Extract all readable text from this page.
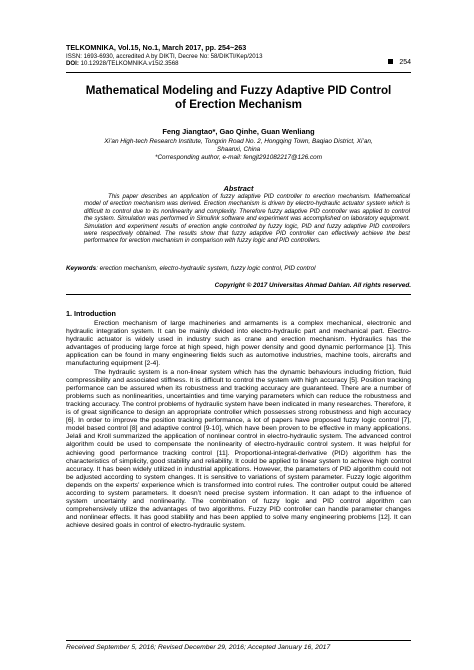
TELKOMNIKA, Vol.15, No.1, March 2017, pp. 254~263
ISSN: 1693-6930, accredited A by DIKTI, Decree No: 58/DIKTI/Kep/2013
DOI: 10.12928/TELKOMNIKA.v15i2.3568	254
Mathematical Modeling and Fuzzy Adaptive PID Control
of Erection Mechanism
Feng Jiangtao*, Gao Qinhe, Guan Wenliang
Xi’an High-tech Research Institute, Tongxin Road No. 2, Hongqing Town, Baqiao District, Xi’an,
Shaanxi, China
*Corresponding author, e-mail: fengjt291082217@126.com
Abstract
This paper describes an application of fuzzy adaptive PID controller to erection mechanism. Mathematical model of erection mechanism was derived. Erection mechanism is driven by electro-hydraulic actuator system which is difficult to control due to its nonlinearity and complexity. Therefore fuzzy adaptive PID controller was applied to control the system. Simulation was performed in Simulink software and experiment was accomplished on laboratory equipment. Simulation and experiment results of erection angle controlled by fuzzy logic, PID and fuzzy adaptive PID controllers were respectively obtained. The results show that fuzzy adaptive PID controller can effectively achieve the best performance for erection mechanism in comparison with fuzzy logic and PID controllers.
Keywords: erection mechanism, electro-hydraulic system, fuzzy logic control, PID control
Copyright © 2017 Universitas Ahmad Dahlan. All rights reserved.
1. Introduction

Erection mechanism of large machineries and armaments is a complex mechanical, electronic and hydraulic integration system. It can be mainly divided into electro-hydraulic part and mechanical part. Electro-hydraulic actuator is widely used in industry such as crane and erection mechanism. Hydraulics has the advantages of producing large force at high speed, high power density and good dynamic performance [1]. This application can be found in many engineering fields such as automotive industries, machine tools, aircrafts and manufacturing equipment [2-4].

The hydraulic system is a non-linear system which has the dynamic behaviours including friction, fluid compressibility and associated stiffness. It is difficult to control the system with high accuracy [5]. Position tracking performance can be assured when its robustness and tracking accuracy are guaranteed. There are a number of problems such as nonlinearities, uncertainties and time varying parameters which can reduce the robustness and tracking accuracy. The control problems of hydraulic system have been indicated in many researches. Therefore, it is of great significance to design an appropriate controller which possesses strong robustness and high accuracy [6]. In order to improve the position tracking performance, a lot of papers have proposed fuzzy logic control [7], model based control [8] and adaptive control [9-10], which have been proven to be effective in many applications. Jelali and Kroll summarized the application of nonlinear control in electro-hydraulic system. The advanced control algorithm could be used to compensate the nonlinearity of electro-hydraulic control system. It was helpful for achieving good performance tracking control [11]. Proportional-integral-derivative (PID) algorithm has the characteristics of simplicity, good stability and reliability. It could be applied to linear system to achieve high control accuracy. It has been widely utilized in industrial applications. However, the parameters of PID algorithm could not be adjusted according to system changes. It is sensitive to variations of system parameter. Fuzzy logic algorithm depends on the experts’ experience which is transformed into control rules. The controller output could be altered according to system parameters. It doesn’t need precise system information. It can adapt to the influence of system uncertainty and nonlinearity. The combination of fuzzy logic and PID control algorithm can comprehensively utilize the advantages of two algorithms. Fuzzy PID controller can handle parameter changes and nonlinear effects. It has good stability and has been applied to solve many engineering problems [12]. It can achieve desired goals in control of electro-hydraulic system.

Received September 5, 2016; Revised December 29, 2016; Accepted January 16, 2017
